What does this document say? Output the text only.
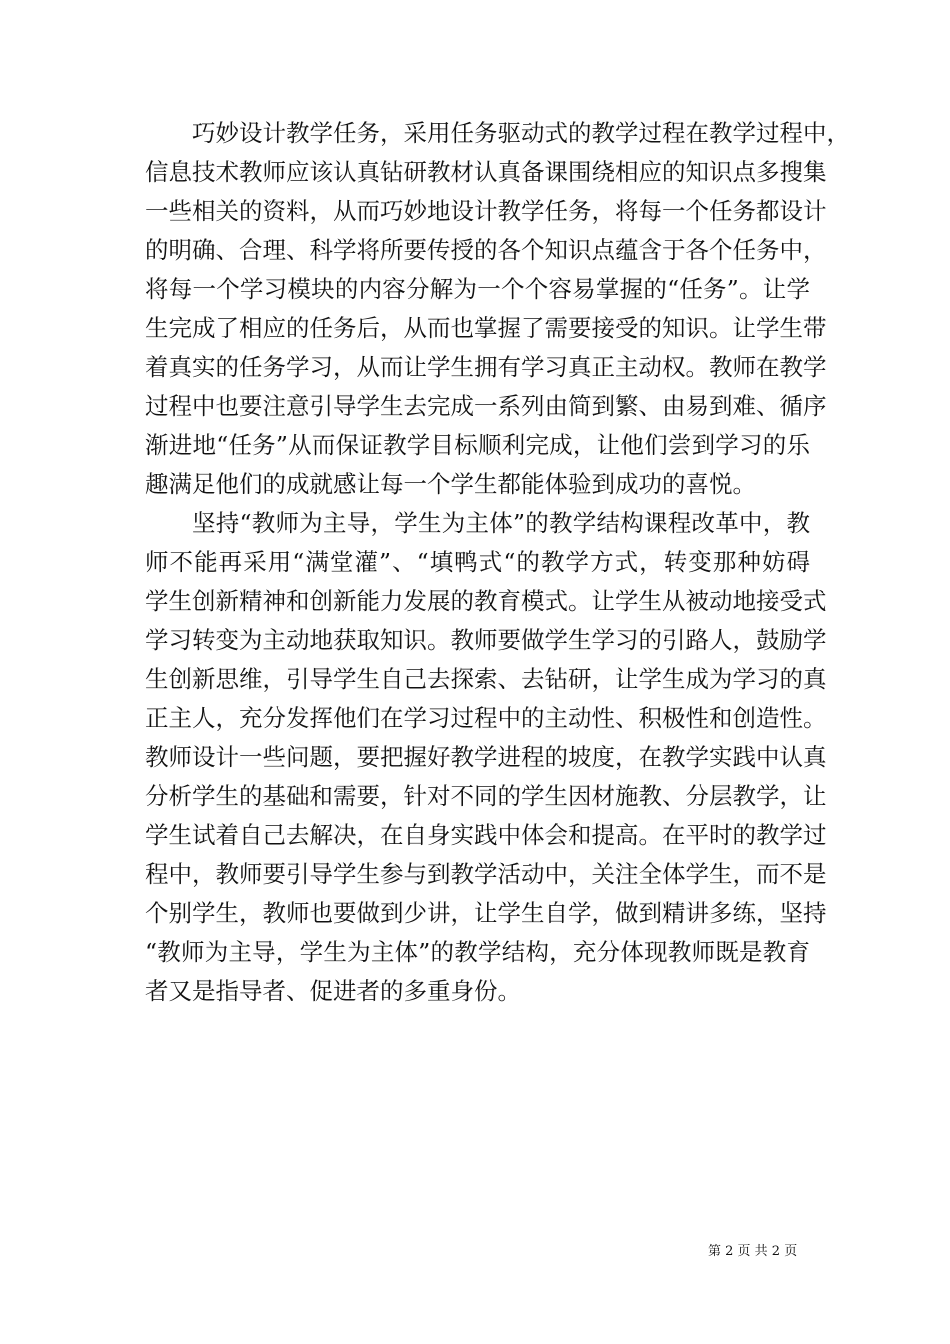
巧妙设计教学任务，采用任务驱动式的教学过程在教学过程中，
信息技术教师应该认真钻研教材认真备课围绕相应的知识点多搜集
一些相关的资料，从而巧妙地设计教学任务，将每一个任务都设计
的明确、合理、科学将所要传授的各个知识点蕴含于各个任务中，
将每一个学习模块的内容分解为一个个容易掌握的“任务”。让学
生完成了相应的任务后，从而也掌握了需要接受的知识。让学生带
着真实的任务学习，从而让学生拥有学习真正主动权。教师在教学
过程中也要注意引导学生去完成一系列由简到繁、由易到难、循序
渐进地“任务”从而保证教学目标顺利完成，让他们尝到学习的乐
趣满足他们的成就感让每一个学生都能体验到成功的喜悦。
坚持“教师为主导，学生为主体”的教学结构课程改革中，教
师不能再采用“满堂灌”、“填鸭式“的教学方式，转变那种妨碍
学生创新精神和创新能力发展的教育模式。让学生从被动地接受式
学习转变为主动地获取知识。教师要做学生学习的引路人，鼓励学
生创新思维，引导学生自己去探索、去钻研，让学生成为学习的真
正主人，充分发挥他们在学习过程中的主动性、积极性和创造性。
教师设计一些问题，要把握好教学进程的坡度，在教学实践中认真
分析学生的基础和需要，针对不同的学生因材施教、分层教学，让
学生试着自己去解决，在自身实践中体会和提高。在平时的教学过
程中，教师要引导学生参与到教学活动中，关注全体学生，而不是
个别学生，教师也要做到少讲，让学生自学，做到精讲多练，坚持
“教师为主导，学生为主体”的教学结构，充分体现教师既是教育
者又是指导者、促进者的多重身份。
第 2 页 共 2 页
